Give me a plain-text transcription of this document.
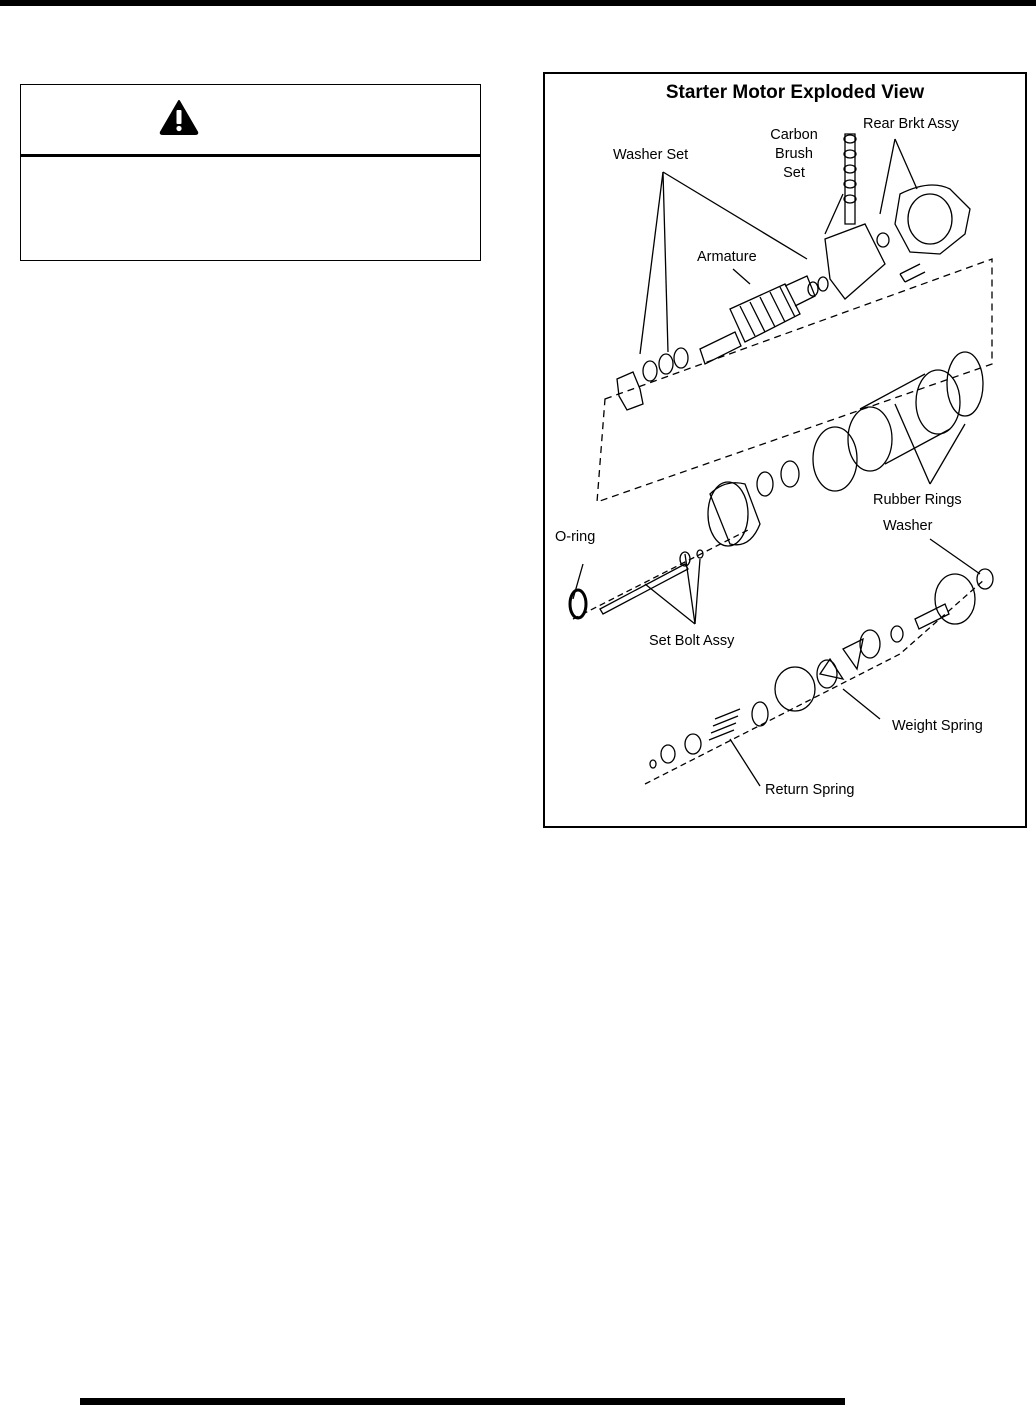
Starter Motor Exploded View
Washer Set
Carbon
Brush
Set
Rear Brkt Assy
Armature
Rubber Rings
Washer
O-ring
Set Bolt Assy
Weight Spring
Return Spring
